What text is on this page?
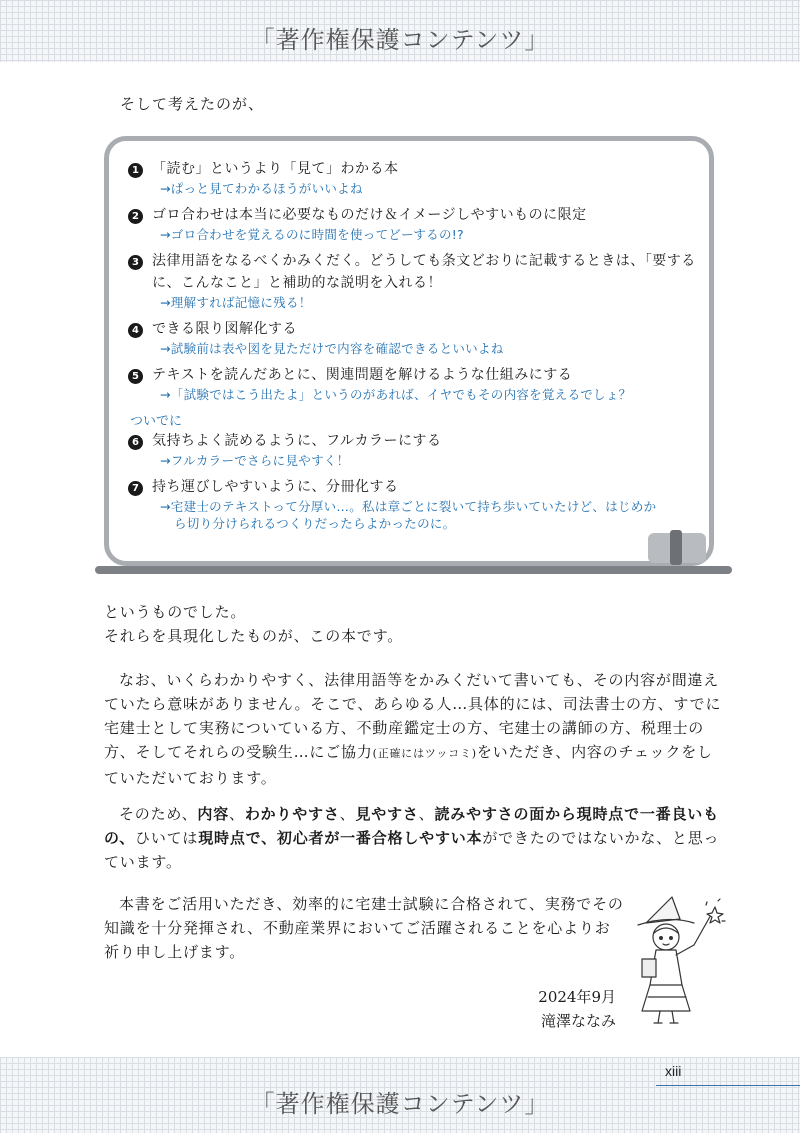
「著作権保護コンテンツ」
そして考えたのが、
1 「読む」というより「見て」わかる本
→ぱっと見てわかるほうがいいよね
2 ゴロ合わせは本当に必要なものだけ＆イメージしやすいものに限定
→ゴロ合わせを覚えるのに時間を使ってどーするの!?
3 法律用語をなるべくかみくだく。どうしても条文どおりに記載するときは、「要するに、こんなこと」と補助的な説明を入れる！
→理解すれば記憶に残る！
4 できる限り図解化する
→試験前は表や図を見ただけで内容を確認できるといいよね
5 テキストを読んだあとに、関連問題を解けるような仕組みにする
→「試験ではこう出たよ」というのがあれば、イヤでもその内容を覚えるでしょ？
ついでに
6 気持ちよく読めるように、フルカラーにする
→フルカラーでさらに見やすく！
7 持ち運びしやすいように、分冊化する
→宅建士のテキストって分厚い…。私は章ごとに裂いて持ち歩いていたけど、はじめか
ら切り分けられるつくりだったらよかったのに。
というものでした。
それらを具現化したものが、この本です。
なお、いくらわかりやすく、法律用語等をかみくだいて書いても、その内容が間違えていたら意味がありません。そこで、あらゆる人…具体的には、司法書士の方、すでに宅建士として実務についている方、不動産鑑定士の方、宅建士の講師の方、税理士の方、そしてそれらの受験生…にご協力(正確にはツッコミ)をいただき、内容のチェックをしていただいております。
そのため、内容、わかりやすさ、見やすさ、読みやすさの面から現時点で一番良いもの、ひいては現時点で、初心者が一番合格しやすい本ができたのではないかな、と思っています。
本書をご活用いただき、効率的に宅建士試験に合格されて、実務でその知識を十分発揮され、不動産業界においてご活躍されることを心よりお祈り申し上げます。
2024年9月
滝澤ななみ
xiii
「著作権保護コンテンツ」
